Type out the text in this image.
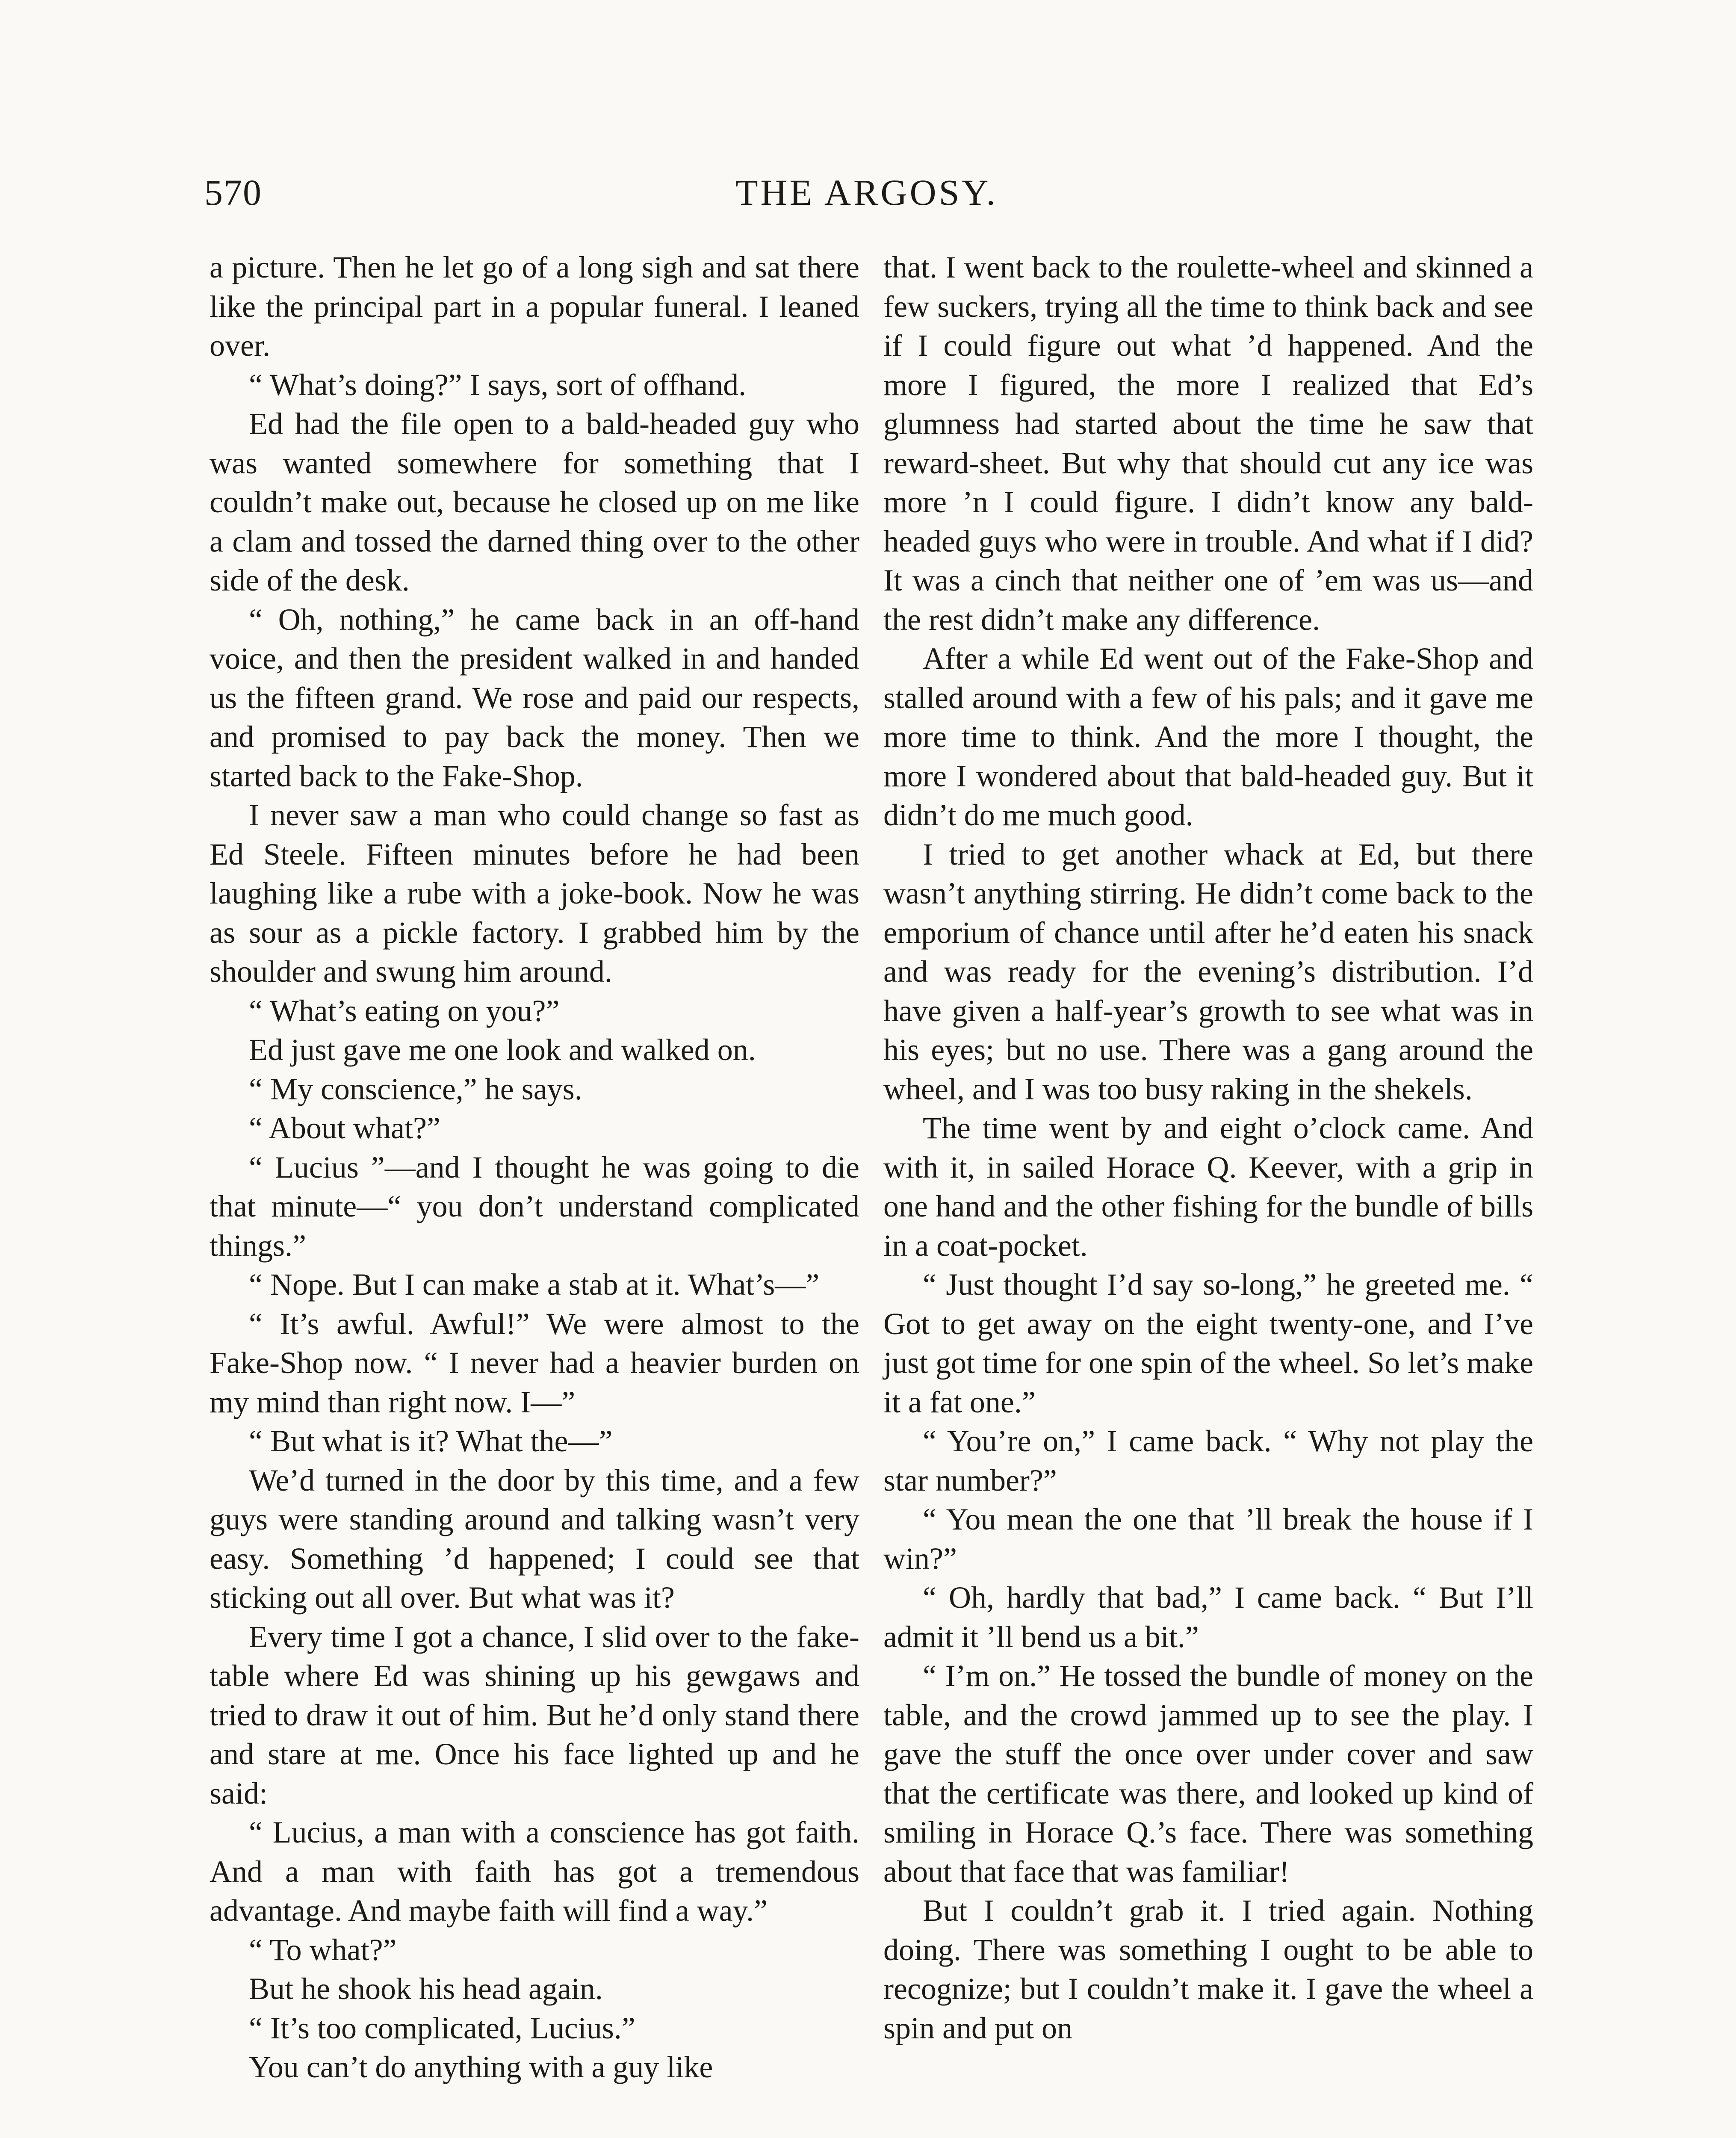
570	THE ARGOSY.

a picture. Then he let go of a long sigh and sat there like the principal part in a popular funeral. I leaned over.

“ What’s doing?” I says, sort of offhand.

Ed had the file open to a bald-headed guy who was wanted somewhere for something that I couldn’t make out, because he closed up on me like a clam and tossed the darned thing over to the other side of the desk.

“ Oh, nothing,” he came back in an off-hand voice, and then the president walked in and handed us the fifteen grand. We rose and paid our respects, and promised to pay back the money. Then we started back to the Fake-Shop.

I never saw a man who could change so fast as Ed Steele. Fifteen minutes before he had been laughing like a rube with a joke-book. Now he was as sour as a pickle factory. I grabbed him by the shoulder and swung him around.

“ What’s eating on you?”

Ed just gave me one look and walked on.

“ My conscience,” he says.

“ About what?”

“ Lucius ”—and I thought he was going to die that minute—“ you don’t understand complicated things.”

“ Nope. But I can make a stab at it. What’s—”

“ It’s awful. Awful!” We were almost to the Fake-Shop now. “ I never had a heavier burden on my mind than right now. I—”

“ But what is it? What the—”

We’d turned in the door by this time, and a few guys were standing around and talking wasn’t very easy. Something ’d happened; I could see that sticking out all over. But what was it?

Every time I got a chance, I slid over to the fake-table where Ed was shining up his gewgaws and tried to draw it out of him. But he’d only stand there and stare at me. Once his face lighted up and he said:

“ Lucius, a man with a conscience has got faith. And a man with faith has got a tremendous advantage. And maybe faith will find a way.”

“ To what?”

But he shook his head again.

“ It’s too complicated, Lucius.”

You can’t do anything with a guy like

that. I went back to the roulette-wheel and skinned a few suckers, trying all the time to think back and see if I could figure out what ’d happened. And the more I figured, the more I realized that Ed’s glumness had started about the time he saw that reward-sheet. But why that should cut any ice was more ’n I could figure. I didn’t know any bald-headed guys who were in trouble. And what if I did? It was a cinch that neither one of ’em was us—and the rest didn’t make any difference.

After a while Ed went out of the Fake-Shop and stalled around with a few of his pals; and it gave me more time to think. And the more I thought, the more I wondered about that bald-headed guy. But it didn’t do me much good.

I tried to get another whack at Ed, but there wasn’t anything stirring. He didn’t come back to the emporium of chance until after he’d eaten his snack and was ready for the evening’s distribution. I’d have given a half-year’s growth to see what was in his eyes; but no use. There was a gang around the wheel, and I was too busy raking in the shekels.

The time went by and eight o’clock came. And with it, in sailed Horace Q. Keever, with a grip in one hand and the other fishing for the bundle of bills in a coat-pocket.

“ Just thought I’d say so-long,” he greeted me. “ Got to get away on the eight twenty-one, and I’ve just got time for one spin of the wheel. So let’s make it a fat one.”

“ You’re on,” I came back. “ Why not play the star number?”

“ You mean the one that ’ll break the house if I win?”

“ Oh, hardly that bad,” I came back. “ But I’ll admit it ’ll bend us a bit.”

“ I’m on.” He tossed the bundle of money on the table, and the crowd jammed up to see the play. I gave the stuff the once over under cover and saw that the certificate was there, and looked up kind of smiling in Horace Q.’s face. There was something about that face that was familiar!

But I couldn’t grab it. I tried again. Nothing doing. There was something I ought to be able to recognize; but I couldn’t make it. I gave the wheel a spin and put on
